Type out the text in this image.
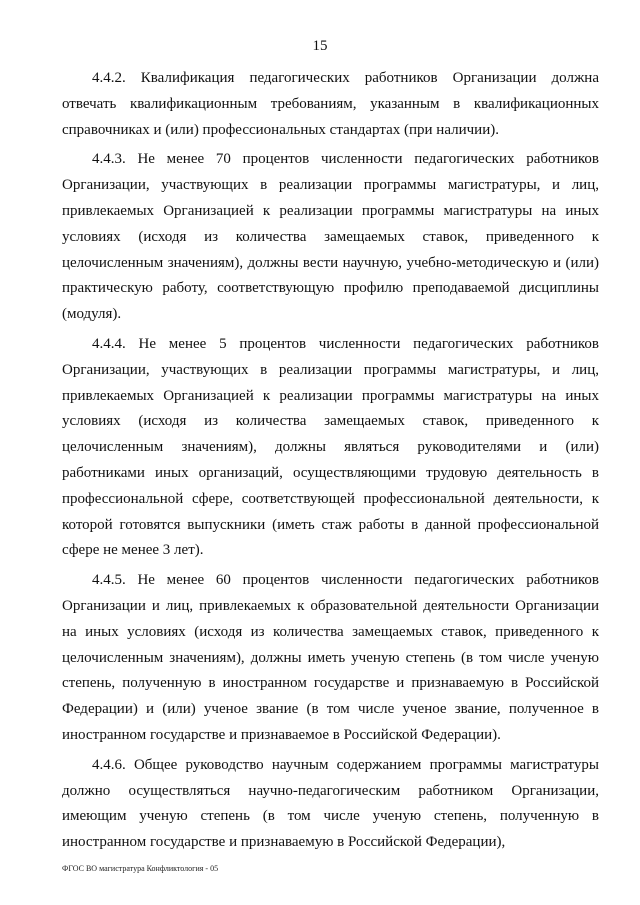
15

4.4.2. Квалификация педагогических работников Организации должна отвечать квалификационным требованиям, указанным в квалификационных справочниках и (или) профессиональных стандартах (при наличии).

4.4.3. Не менее 70 процентов численности педагогических работников Организации, участвующих в реализации программы магистратуры, и лиц, привлекаемых Организацией к реализации программы магистратуры на иных условиях (исходя из количества замещаемых ставок, приведенного к целочисленным значениям), должны вести научную, учебно-методическую и (или) практическую работу, соответствующую профилю преподаваемой дисциплины (модуля).

4.4.4. Не менее 5 процентов численности педагогических работников Организации, участвующих в реализации программы магистратуры, и лиц, привлекаемых Организацией к реализации программы магистратуры на иных условиях (исходя из количества замещаемых ставок, приведенного к целочисленным значениям), должны являться руководителями и (или) работниками иных организаций, осуществляющими трудовую деятельность в профессиональной сфере, соответствующей профессиональной деятельности, к которой готовятся выпускники (иметь стаж работы в данной профессиональной сфере не менее 3 лет).

4.4.5. Не менее 60 процентов численности педагогических работников Организации и лиц, привлекаемых к образовательной деятельности Организации на иных условиях (исходя из количества замещаемых ставок, приведенного к целочисленным значениям), должны иметь ученую степень (в том числе ученую степень, полученную в иностранном государстве и признаваемую в Российской Федерации) и (или) ученое звание (в том числе ученое звание, полученное в иностранном государстве и признаваемое в Российской Федерации).

4.4.6. Общее руководство научным содержанием программы магистратуры должно осуществляться научно-педагогическим работником Организации, имеющим ученую степень (в том числе ученую степень, полученную в иностранном государстве и признаваемую в Российской Федерации),

ФГОС ВО магистратура Конфликтология - 05
